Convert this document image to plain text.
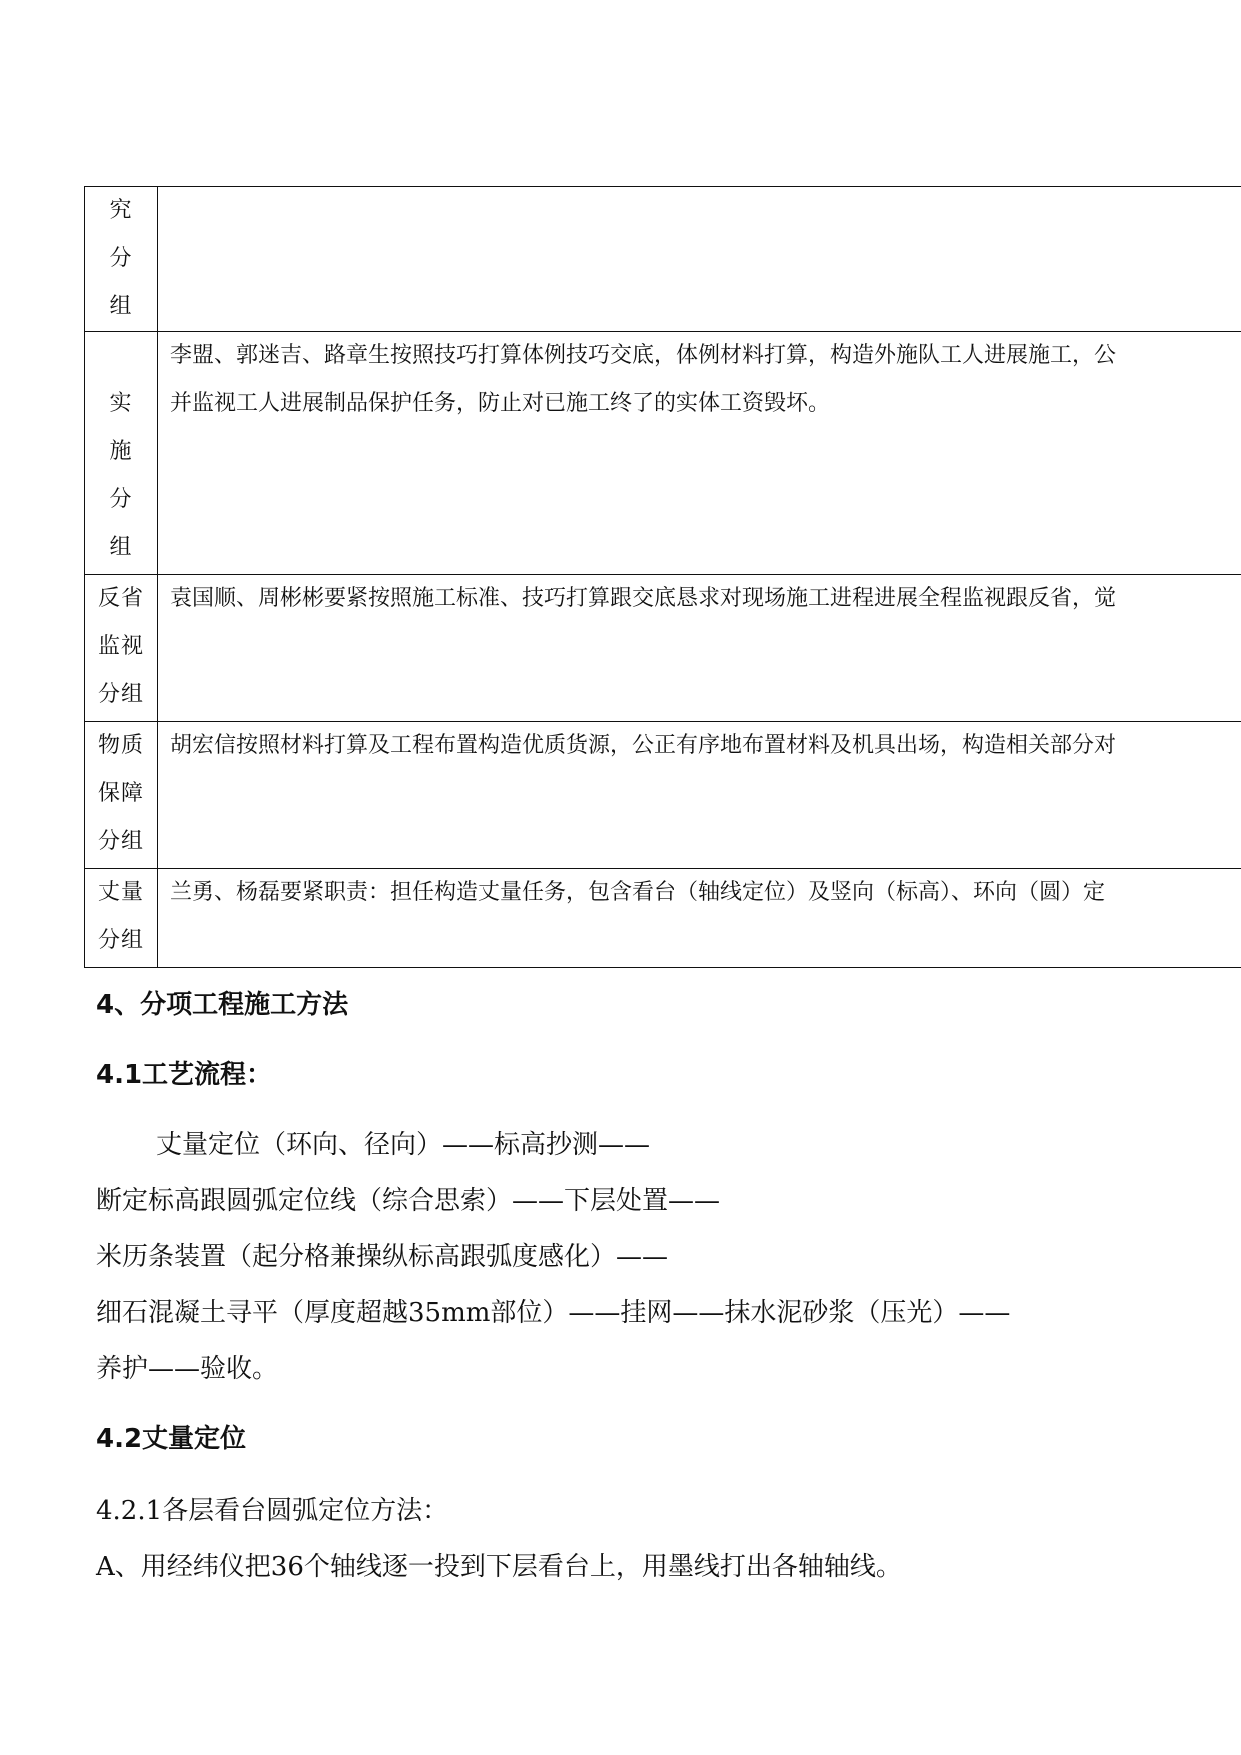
究
分
组	

实
施
分
组	李盟、郭迷吉、路章生按照技巧打算体例技巧交底，体例材料打算，构造外施队工人进展施工，公
并监视工人进展制品保护任务，防止对已施工终了的实体工资毁坏。

反省
监视
分组	袁国顺、周彬彬要紧按照施工标准、技巧打算跟交底恳求对现场施工进程进展全程监视跟反省，觉

物质
保障
分组	胡宏信按照材料打算及工程布置构造优质货源，公正有序地布置材料及机具出场，构造相关部分对

丈量
分组	兰勇、杨磊要紧职责：担任构造丈量任务，包含看台（轴线定位）及竖向（标高）、环向（圆）定
4、分项工程施工方法
4.1工艺流程：
丈量定位（环向、径向）——标高抄测——
断定标高跟圆弧定位线（综合思索）——下层处置——
米历条装置（起分格兼操纵标高跟弧度感化）——
细石混凝土寻平（厚度超越35mm部位）——挂网——抹水泥砂浆（压光）——
养护——验收。
4.2丈量定位
4.2.1各层看台圆弧定位方法：
A、用经纬仪把36个轴线逐一投到下层看台上，用墨线打出各轴轴线。
